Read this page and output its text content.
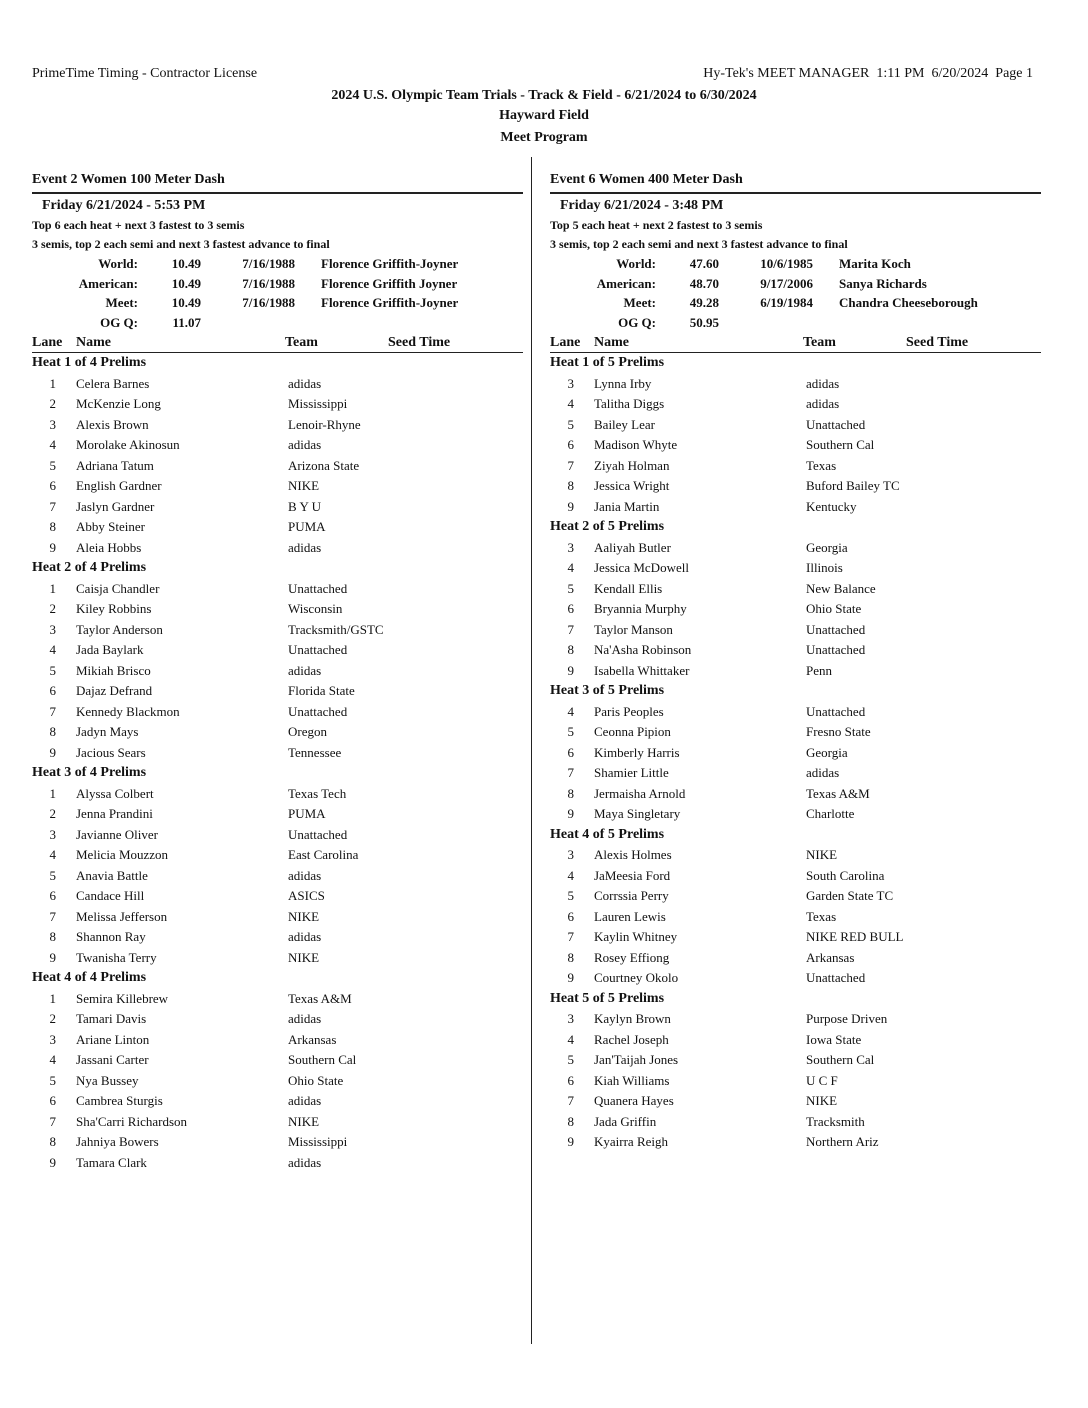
PrimeTime Timing - Contractor License	Hy-Tek's MEET MANAGER  1:11 PM  6/20/2024  Page 1
2024 U.S. Olympic Team Trials - Track & Field - 6/21/2024 to 6/30/2024
Hayward Field
Meet Program
Event 2 Women 100 Meter Dash
Friday 6/21/2024 - 5:53 PM
Top 6 each heat + next 3 fastest to 3 semis
3 semis, top 2 each semi and next 3 fastest advance to final
World:	10.49	7/16/1988 Florence Griffith-Joyner
American:	10.49	7/16/1988 Florence Griffith Joyner
Meet:	10.49	7/16/1988 Florence Griffith-Joyner
OG Q:	11.07
Lane Name	Team	Seed Time
Heat 1 of 4 Prelims
1 Celera Barnes	adidas
2 McKenzie Long	Mississippi
3 Alexis Brown	Lenoir-Rhyne
4 Morolake Akinosun	adidas
5 Adriana Tatum	Arizona State
6 English Gardner	NIKE
7 Jaslyn Gardner	B Y U
8 Abby Steiner	PUMA
9 Aleia Hobbs	adidas
Heat 2 of 4 Prelims
1 Caisja Chandler	Unattached
2 Kiley Robbins	Wisconsin
3 Taylor Anderson	Tracksmith/GSTC
4 Jada Baylark	Unattached
5 Mikiah Brisco	adidas
6 Dajaz Defrand	Florida State
7 Kennedy Blackmon	Unattached
8 Jadyn Mays	Oregon
9 Jacious Sears	Tennessee
Heat 3 of 4 Prelims
1 Alyssa Colbert	Texas Tech
2 Jenna Prandini	PUMA
3 Javianne Oliver	Unattached
4 Melicia Mouzzon	East Carolina
5 Anavia Battle	adidas
6 Candace Hill	ASICS
7 Melissa Jefferson	NIKE
8 Shannon Ray	adidas
9 Twanisha Terry	NIKE
Heat 4 of 4 Prelims
1 Semira Killebrew	Texas A&M
2 Tamari Davis	adidas
3 Ariane Linton	Arkansas
4 Jassani Carter	Southern Cal
5 Nya Bussey	Ohio State
6 Cambrea Sturgis	adidas
7 Sha'Carri Richardson	NIKE
8 Jahniya Bowers	Mississippi
9 Tamara Clark	adidas
Event 6 Women 400 Meter Dash
Friday 6/21/2024 - 3:48 PM
Top 5 each heat + next 2 fastest to 3 semis
3 semis, top 2 each semi and next 3 fastest advance to final
World:	47.60	10/6/1985 Marita Koch
American:	48.70	9/17/2006 Sanya Richards
Meet:	49.28	6/19/1984 Chandra Cheeseborough
OG Q:	50.95
Lane Name	Team	Seed Time
Heat 1 of 5 Prelims
3 Lynna Irby	adidas
4 Talitha Diggs	adidas
5 Bailey Lear	Unattached
6 Madison Whyte	Southern Cal
7 Ziyah Holman	Texas
8 Jessica Wright	Buford Bailey TC
9 Jania Martin	Kentucky
Heat 2 of 5 Prelims
3 Aaliyah Butler	Georgia
4 Jessica McDowell	Illinois
5 Kendall Ellis	New Balance
6 Bryannia Murphy	Ohio State
7 Taylor Manson	Unattached
8 Na'Asha Robinson	Unattached
9 Isabella Whittaker	Penn
Heat 3 of 5 Prelims
4 Paris Peoples	Unattached
5 Ceonna Pipion	Fresno State
6 Kimberly Harris	Georgia
7 Shamier Little	adidas
8 Jermaisha Arnold	Texas A&M
9 Maya Singletary	Charlotte
Heat 4 of 5 Prelims
3 Alexis Holmes	NIKE
4 JaMeesia Ford	South Carolina
5 Corrssia Perry	Garden State TC
6 Lauren Lewis	Texas
7 Kaylin Whitney	NIKE RED BULL
8 Rosey Effiong	Arkansas
9 Courtney Okolo	Unattached
Heat 5 of 5 Prelims
3 Kaylyn Brown	Purpose Driven
4 Rachel Joseph	Iowa State
5 Jan'Taijah Jones	Southern Cal
6 Kiah Williams	U C F
7 Quanera Hayes	NIKE
8 Jada Griffin	Tracksmith
9 Kyairra Reigh	Northern Ariz
